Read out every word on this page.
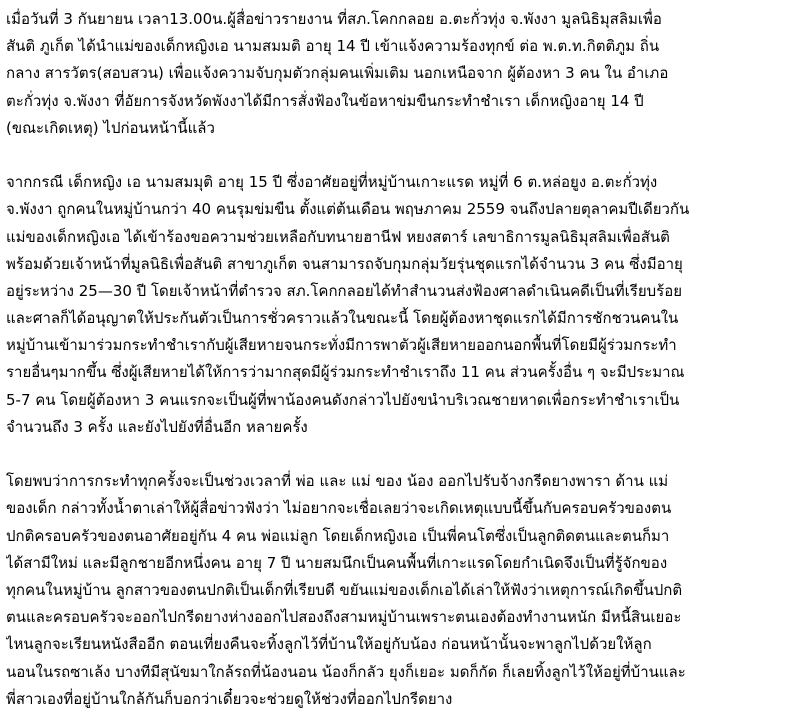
เมื่อวันที่ 3 กันยายน เวลา13.00น.ผู้สื่อข่าวรายงาน ที่สภ.โคกกลอย อ.ตะกั่วทุ่ง จ.พังงา มูลนิธิมุสลิมเพื่อ
สันติ ภูเก็ต ได้นำแม่ของเด็กหญิงเอ นามสมมติ อายุ 14 ปี เข้าแจ้งความร้องทุกข์ ต่อ พ.ต.ท.กิตติภูม ถิ่น
กลาง สารวัตร(สอบสวน) เพื่อแจ้งความจับกุมตัวกลุ่มคนเพิ่มเติม นอกเหนือจาก ผู้ต้องหา 3 คน ใน อำเภอ
ตะกั่วทุ่ง จ.พังงา ที่อัยการจังหวัดพังงาได้มีการสั่งฟ้องในข้อหาข่มขืนกระทำชำเรา เด็กหญิงอายุ 14 ปี
(ขณะเกิดเหตุ) ไปก่อนหน้านี้แล้ว
จากกรณี เด็กหญิง เอ นามสมมุติ อายุ 15 ปี ซึ่งอาศัยอยู่ที่หมู่บ้านเกาะแรด หมู่ที่ 6 ต.หล่อยูง อ.ตะกั่วทุ่ง
จ.พังงา ถูกคนในหมู่บ้านกว่า 40 คนรุมข่มขืน ตั้งแต่ต้นเดือน พฤษภาคม 2559 จนถึงปลายตุลาคมปีเดียวกัน
แม่ของเด็กหญิงเอ ได้เข้าร้องขอความช่วยเหลือกับทนายฮานีฟ หยงสตาร์ เลขาธิการมูลนิธิมุสลิมเพื่อสันติ
พร้อมด้วยเจ้าหน้าที่มูลนิธิเพื่อสันติ สาขาภูเก็ต จนสามารถจับกุมกลุ่มวัยรุ่นชุดแรกได้จำนวน 3 คน ซึ่งมีอายุ
อยู่ระหว่าง 25—30 ปี โดยเจ้าหน้าที่ตำรวจ สภ.โคกกลอยได้ทำสำนวนส่งฟ้องศาลดำเนินคดีเป็นที่เรียบร้อย
และศาลก็ได้อนุญาตให้ประกันตัวเป็นการชั่วคราวแล้วในขณะนี้ โดยผู้ต้องหาชุดแรกได้มีการชักชวนคนใน
หมู่บ้านเข้ามาร่วมกระทำชำเรากับผู้เสียหายจนกระทั่งมีการพาตัวผู้เสียหายออกนอกพื้นที่โดยมีผู้ร่วมกระทำ
รายอื่นๆมากขึ้น ซึ่งผู้เสียหายได้ให้การว่ามากสุดมีผู้ร่วมกระทำชำเราถึง 11 คน ส่วนครั้งอื่น ๆ จะมีประมาณ
5-7 คน โดยผู้ต้องหา 3 คนแรกจะเป็นผู้ที่พาน้องคนดังกล่าวไปยังขนำบริเวณชายหาดเพื่อกระทำชำเราเป็น
จำนวนถึง 3 ครั้ง และยังไปยังที่อื่นอีก หลายครั้ง
โดยพบว่าการกระทำทุกครั้งจะเป็นช่วงเวลาที่ พ่อ และ แม่ ของ น้อง ออกไปรับจ้างกรีดยางพารา ด้าน แม่
ของเด็ก กล่าวทั้งน้ำตาเล่าให้ผู้สื่อข่าวฟังว่า ไม่อยากจะเชื่อเลยว่าจะเกิดเหตุแบบนี้ขึ้นกับครอบครัวของตน
ปกติครอบครัวของตนอาศัยอยู่กัน 4 คน พ่อแม่ลูก โดยเด็กหญิงเอ เป็นพี่คนโตซึ่งเป็นลูกติดตนและตนก็มา
ได้สามีใหม่ และมีลูกชายอีกหนึ่งคน อายุ 7 ปี นายสมนึกเป็นคนพื้นที่เกาะแรดโดยกำเนิดจึงเป็นที่รู้จักของ
ทุกคนในหมู่บ้าน ลูกสาวของตนปกติเป็นเด็กที่เรียบดี ขยันแม่ของเด็กเอได้เล่าให้ฟังว่าเหตุการณ์เกิดขึ้นปกติ
ตนและครอบครัวจะออกไปกรีดยางห่างออกไปสองถึงสามหมู่บ้านเพราะตนเองต้องทำงานหนัก มีหนี้สินเยอะ
ไหนลูกจะเรียนหนังสืออีก ตอนเที่ยงคืนจะทิ้งลูกไว้ที่บ้านให้อยู่กับน้อง ก่อนหน้านั้นจะพาลูกไปด้วยให้ลูก
นอนในรถซาเล้ง บางทีมีสุนัขมาใกล้รถที่น้องนอน น้องก็กลัว ยุงก็เยอะ มดก็กัด ก็เลยทิ้งลูกไว้ให้อยู่ที่บ้านและ
พี่สาวเองที่อยู่บ้านใกล้กันก็บอกว่าเดี๋ยวจะช่วยดูให้ช่วงที่ออกไปกรีดยาง
